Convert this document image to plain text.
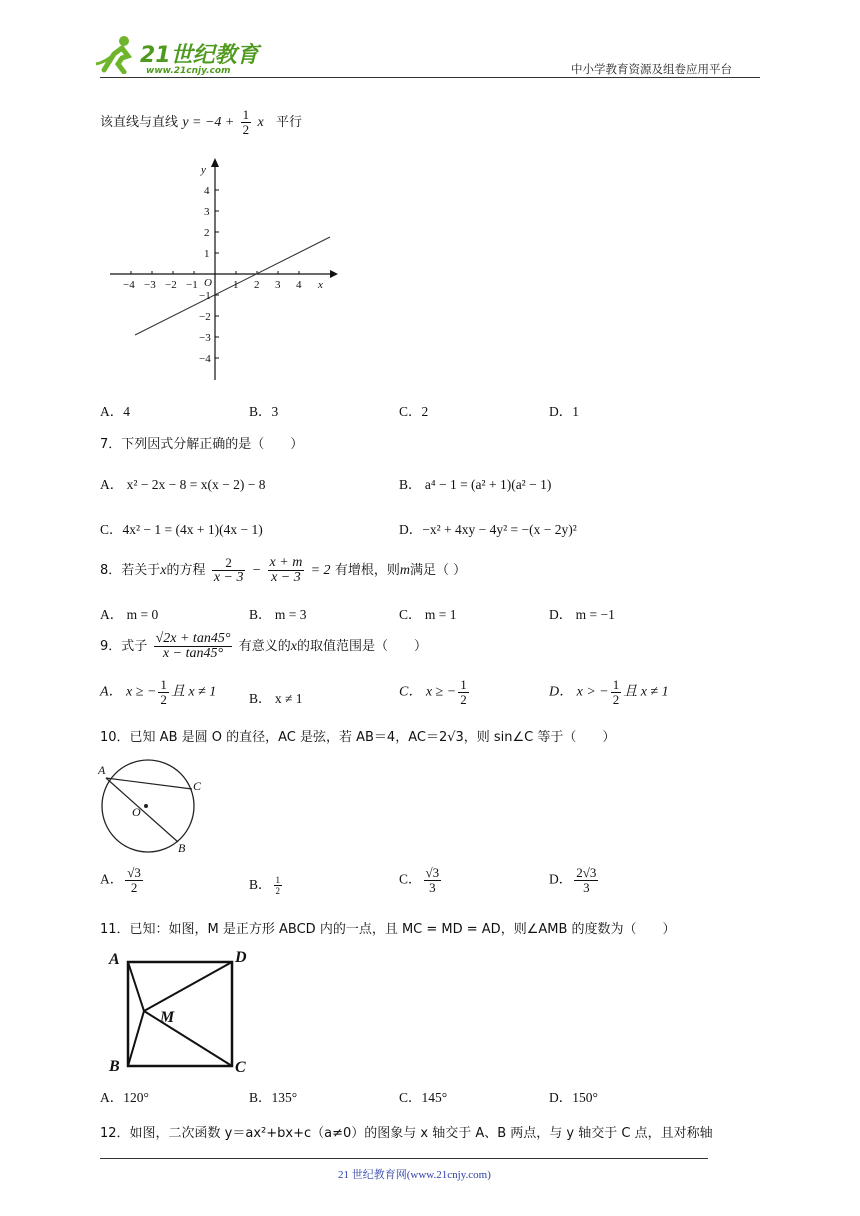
21世纪教育
www.21cnjy.com	中小学教育资源及组卷应用平台
该直线与直线 $y = -4 + \frac{1}{2}$ x 平行
−4 −3 −2 −1	1 2 3 4
4
3
2
1
−1
−2
−3
−4
O	x
y
A．4	B．3	C．2	D．1
7．下列因式分解正确的是（　　）
A． x² − 2x − 8 = x(x − 2) − 8	B． a⁴ − 1 = (a² + 1)(a² − 1)
C．4x² − 1 = (4x + 1)(4x − 1)	D．−x² + 4xy − 4y² = −(x − 2y)²
8．若关于x的方程 $\frac{2}{x - 3} - \frac{x + m}{x - 3} = 2$ 有增根，则m满足（ ）
A． m = 0	B． m = 3	C． m = 1	D． m = −1
9．式子 $\frac{√2x + \tan 45^\circ}{x - \tan 45^\circ}$ 有意义的x的取值范围是（　　）
A． x ≥ − $\frac{1}{2}$ 且 x ≠ 1 B． x ≠ 1	C． x ≥ − $\frac{1}{2}$	D． x > − $\frac{1}{2}$ 且 x ≠ 1
10．已知 AB 是圆 O 的直径，AC 是弦，若 AB＝4，AC＝2√3，则 sin∠C 等于（　　）
A
C
O
B
A． $\frac{√3}{2}$	B． $\frac{1}{2}$	C． $\frac{√3}{3}$	D． $\frac{2√3}{3}$
11．已知：如图，M 是正方形 ABCD 内的一点，且 MC = MD = AD，则∠AMB 的度数为（　　）
A	D
M
B	C
A．120°	B．135°	C．145°	D．150°
12．如图，二次函数 y＝ax²+bx+c（a≠0）的图象与 x 轴交于 A、B 两点，与 y 轴交于 C 点，且对称轴
21 世纪教育网(www.21cnjy.com)
